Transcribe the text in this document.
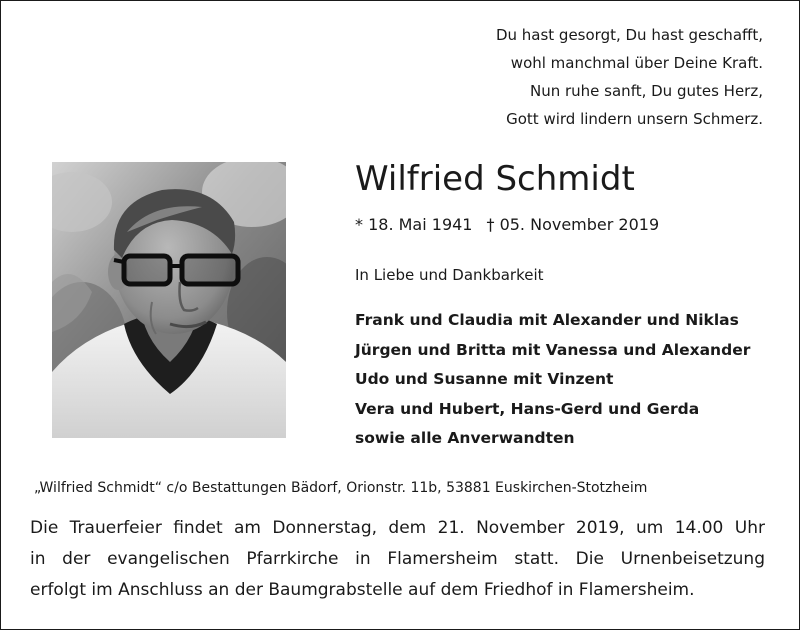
Du hast gesorgt, Du hast geschafft,
wohl manchmal über Deine Kraft.
Nun ruhe sanft, Du gutes Herz,
Gott wird lindern unsern Schmerz.
Wilfried Schmidt
* 18. Mai 1941 † 05. November 2019
In Liebe und Dankbarkeit
Frank und Claudia mit Alexander und Niklas
Jürgen und Britta mit Vanessa und Alexander
Udo und Susanne mit Vinzent
Vera und Hubert, Hans-Gerd und Gerda
sowie alle Anverwandten
„Wilfried Schmidt“ c/o Bestattungen Bädorf, Orionstr. 11b, 53881 Euskirchen-Stotzheim

Die Trauerfeier findet am Donnerstag, dem 21. November 2019, um 14.00 Uhr
in der evangelischen Pfarrkirche in Flamersheim statt. Die Urnenbeisetzung
erfolgt im Anschluss an der Baumgrabstelle auf dem Friedhof in Flamersheim.
